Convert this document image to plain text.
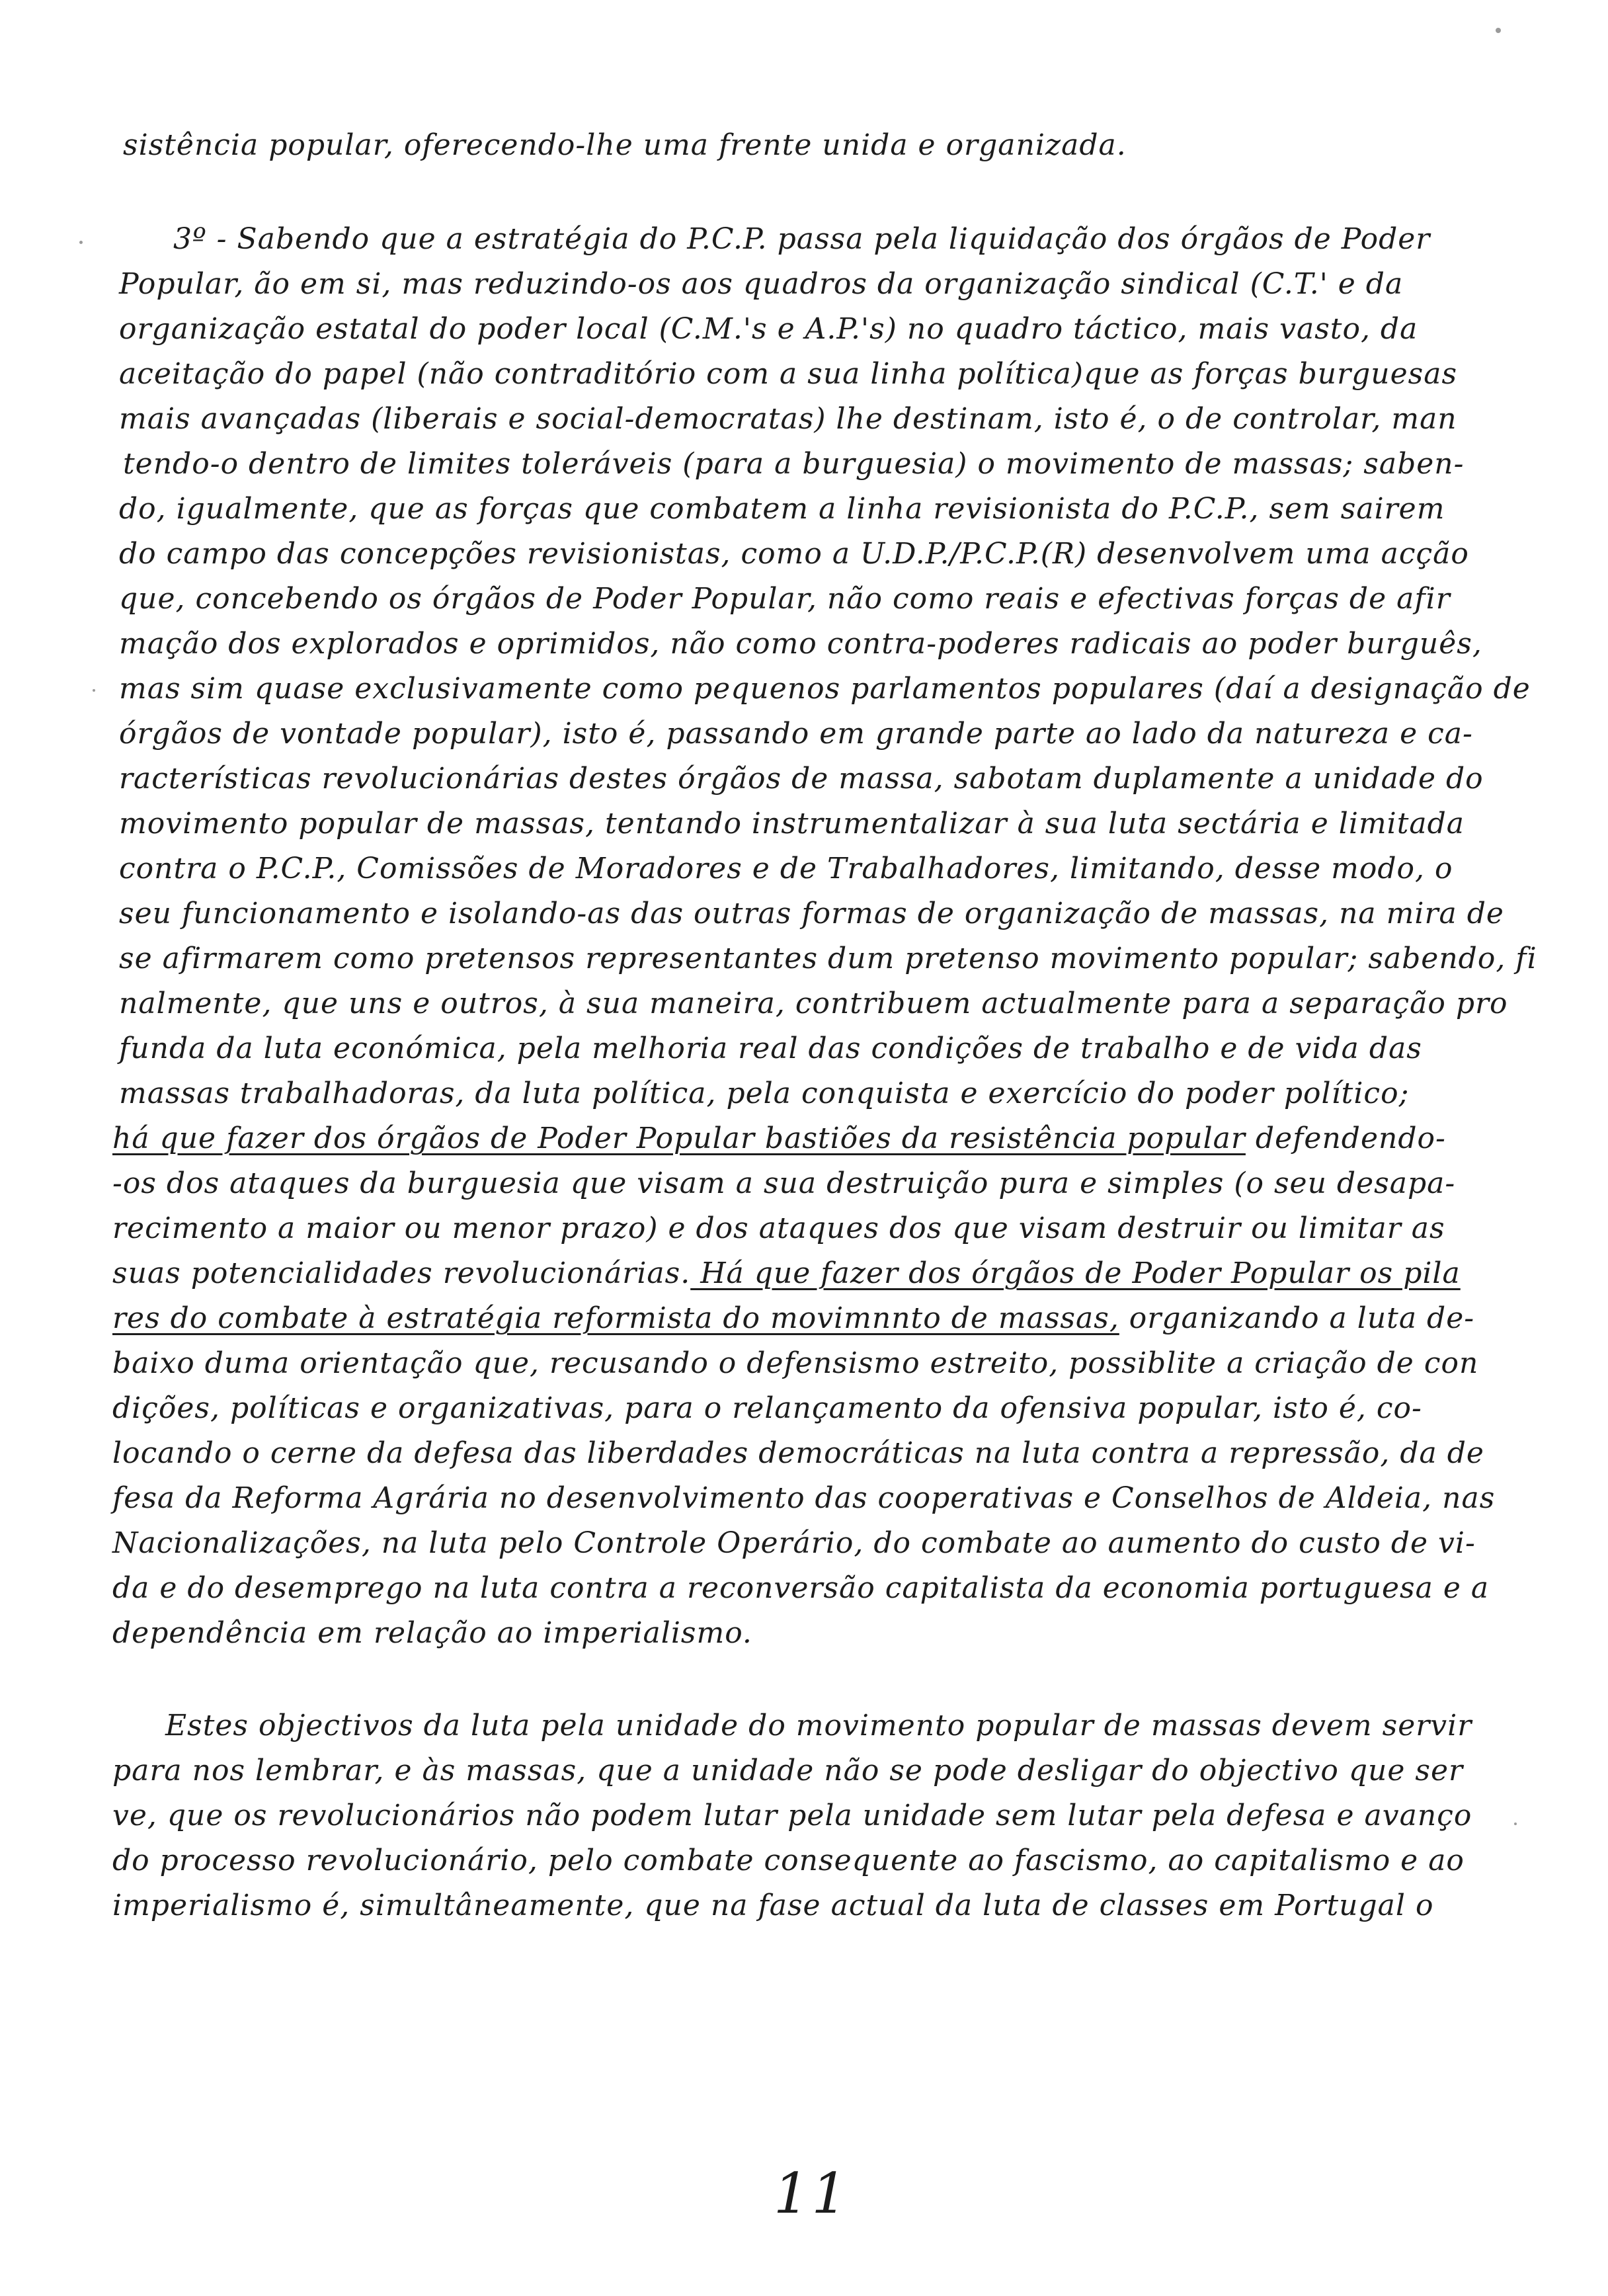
sistência popular, oferecendo-lhe uma frente unida e organizada.
3º - Sabendo que a estratégia do P.C.P. passa pela liquidação dos órgãos de Poder
Popular, ão em si, mas reduzindo-os aos quadros da organização sindical (C.T.' e da
organização estatal do poder local (C.M.'s e A.P.'s) no quadro táctico, mais vasto, da
aceitação do papel (não contraditório com a sua linha política)que as forças burguesas
mais avançadas (liberais e social-democratas) lhe destinam, isto é, o de controlar, man
tendo-o dentro de limites toleráveis (para a burguesia) o movimento de massas; saben-
do, igualmente, que as forças que combatem a linha revisionista do P.C.P., sem sairem
do campo das concepções revisionistas, como a U.D.P./P.C.P.(R) desenvolvem uma acção
que, concebendo os órgãos de Poder Popular, não como reais e efectivas forças de afir
mação dos explorados e oprimidos, não como contra-poderes radicais ao poder burguês,
mas sim quase exclusivamente como pequenos parlamentos populares (daí a designação de
órgãos de vontade popular), isto é, passando em grande parte ao lado da natureza e ca-
racterísticas revolucionárias destes órgãos de massa, sabotam duplamente a unidade do
movimento popular de massas, tentando instrumentalizar à sua luta sectária e limitada
contra o P.C.P., Comissões de Moradores e de Trabalhadores, limitando, desse modo, o
seu funcionamento e isolando-as das outras formas de organização de massas, na mira de
se afirmarem como pretensos representantes dum pretenso movimento popular; sabendo, fi
nalmente, que uns e outros, à sua maneira, contribuem actualmente para a separação pro
funda da luta económica, pela melhoria real das condições de trabalho e de vida das
massas trabalhadoras, da luta política, pela conquista e exercício do poder político;
há que fazer dos órgãos de Poder Popular bastiões da resistência popular defendendo-
-os dos ataques da burguesia que visam a sua destruição pura e simples (o seu desapa-
recimento a maior ou menor prazo) e dos ataques dos que visam destruir ou limitar as
suas potencialidades revolucionárias. Há que fazer dos órgãos de Poder Popular os pila
res do combate à estratégia reformista do movimnnto de massas, organizando a luta de-
baixo duma orientação que, recusando o defensismo estreito, possiblite a criação de con
dições, políticas e organizativas, para o relançamento da ofensiva popular, isto é, co-
locando o cerne da defesa das liberdades democráticas na luta contra a repressão, da de
fesa da Reforma Agrária no desenvolvimento das cooperativas e Conselhos de Aldeia, nas
Nacionalizações, na luta pelo Controle Operário, do combate ao aumento do custo de vi-
da e do desemprego na luta contra a reconversão capitalista da economia portuguesa e a
dependência em relação ao imperialismo.
Estes objectivos da luta pela unidade do movimento popular de massas devem servir
para nos lembrar, e às massas, que a unidade não se pode desligar do objectivo que ser
ve, que os revolucionários não podem lutar pela unidade sem lutar pela defesa e avanço
do processo revolucionário, pelo combate consequente ao fascismo, ao capitalismo e ao
imperialismo é, simultâneamente, que na fase actual da luta de classes em Portugal o
11
